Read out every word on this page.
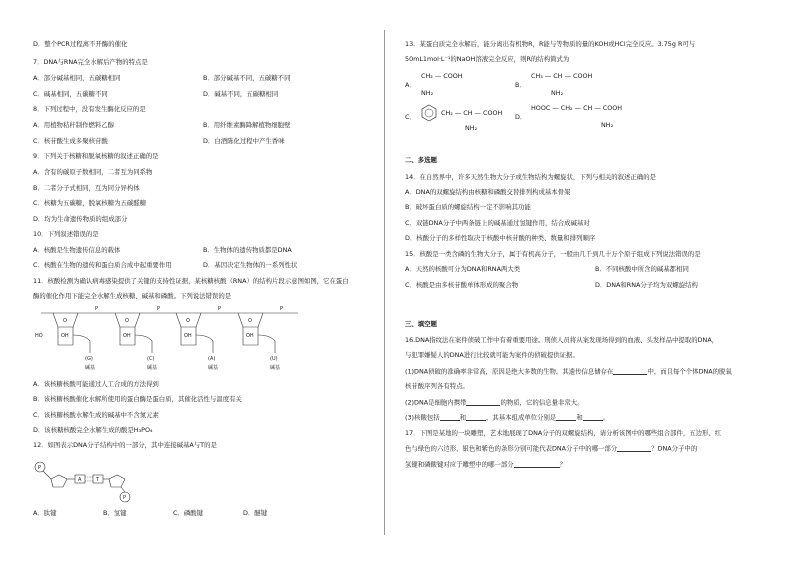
D．整个PCR过程离不开酶的催化
7．DNA与RNA完全水解后产物的特点是
A．部分碱基相同，五碳糖相同	B．部分碱基不同，五碳糖不同
C．碱基相同，五碳糖不同	D．碱基不同，五碳糖相同
8．下列过程中，没有发生酶化反应的是
A．用植物秸秆制作燃料乙醇	B．用纤维素酶降解植物细胞壁
C．核苷酸生成多聚核苷酸	D．白酒陈化过程中产生香味
9．下列关于核糖和脱氧核糖的叙述正确的是
A．含有的碳原子数相同，二者互为同系物
B．二者分子式相同，互为同分异构体
C．核糖为五碳糖，脱氧核糖为五碳醛糖
D．均为生命遗传物质的组成部分
10．下列叙述错误的是
A．核酸是生物遗传信息的载体	B．生物体的遗传物质都是DNA
C．核酸在生物的遗传和蛋白质合成中起重要作用	D．基因决定生物体的一系列性状
11．核酸检测为确认病毒感染提供了关键的支持性证据，某核糖核酸（RNA）的结构片段示意图如图，它在蛋白
酶的催化作用下能完全水解生成核糖、碱基和磷酸。下列说法错误的是
P	P	P	P
HO	OH	OH	OH	OH
O	O	O	O
(G)	(C)	(A)	(U)
碱基	碱基	碱基	碱基
A．该核糖核酸可能通过人工合成的方法得到
B．该核糖核酸催化水解所使用的蛋白酶是蛋白质，其催化活性与温度有关
C．该核糖核酸水解生成的碱基中不含氮元素
D．该核糖核酸完全水解生成的酸是H₃PO₄
12．如图表示DNA分子结构中的一部分，其中连接碱基A与T的是
P
P
A	T
A．肽键	B．氢键	C．磷酸键	D．醚键
13．某蛋白质完全水解后，能分离出有机物R，R能与等物质的量的KOH或HCl完全反应。3.75g R可与
50mL1mol·L⁻¹的NaOH溶液完全反应，则R的结构简式为
A．
CH₂ — COOH
NH₂
B．
CH₃ — CH — COOH
NH₂
C．	CH₂ — CH — COOH
NH₂
D．
HOOC — CH₂ — CH — COOH
NH₂
二、多选题
14．在自然界中，许多天然生物大分子或生物结构为螺旋状，下列与相关的叙述正确的是
A．DNA的双螺旋结构由核糖和磷酸交替排列构成基本骨架
B．破坏蛋白质的螺旋结构一定不影响其功能
C．双链DNA分子中两条链上的碱基通过氢键作用，结合成碱基对
D．核酸分子的多样性取决于核酸中核苷酸的种类、数量和排列顺序
15．核酸是一类含磷的生物大分子，属于有机高分子，一般由几千到几十万个原子组成下列说法错误的是
A．天然的核酸可分为DNA和RNA两大类	B．不同核酸中所含的碱基都相同
C．核酸是由多核苷酸单体形成的聚合物	D．DNA和RNA分子均为双螺旋结构
三、填空题
16.DNA指纹法在案件侦破工作中有着重要用途。刑侦人员将从案发现场得到的血液、头发样品中提取的DNA，
与犯罪嫌疑人的DNA进行比较就可能为案件的侦破提供证据。
(1)DNA侦破的准确率非常高，原因是绝大多数的生物，其遗传信息储存在	中，而且每个个体DNA的脱氧
核苷酸序列各有特点。
(2)DNA是细胞内携带	的物质，它的信息量非常大。
(3)核酸包括	和	，其基本组成单位分别是	和	。
17．下图是某地的一块雕塑，艺术地展现了DNA分子的双螺旋结构，请分析该图中的哪些组合部件，五边形、红
色与绿色的六边形、银色和紫色的条形分别可能代表DNA分子中的哪一部分	？DNA分子中的
氢键和磷酸键对应于雕塑中的哪一部分	？
